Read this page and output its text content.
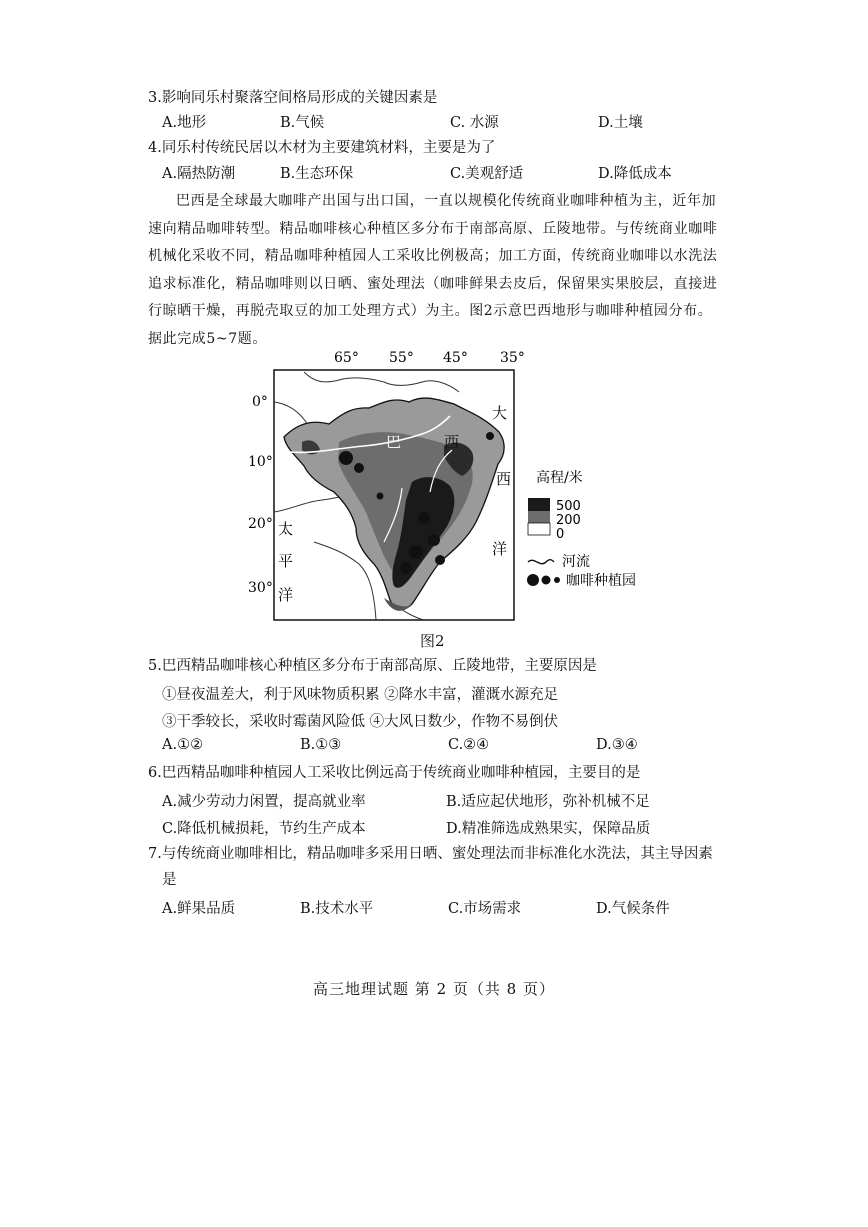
3.影响同乐村聚落空间格局形成的关键因素是
A.地形	B.气候	C. 水源	D.土壤
4.同乐村传统民居以木材为主要建筑材料，主要是为了
A.隔热防潮	B.生态环保	C.美观舒适	D.降低成本
巴西是全球最大咖啡产出国与出口国，一直以规模化传统商业咖啡种植为主，近年加
速向精品咖啡转型。精品咖啡核心种植区多分布于南部高原、丘陵地带。与传统商业咖啡
机械化采收不同，精品咖啡种植园人工采收比例极高；加工方面，传统商业咖啡以水洗法
追求标准化，精品咖啡则以日晒、蜜处理法（咖啡鲜果去皮后，保留果实果胶层，直接进
行晾晒干燥，再脱壳取豆的加工处理方式）为主。图2示意巴西地形与咖啡种植园分布。
据此完成5~7题。
65° 55° 45° 35°
0°
10°
20°
30°
巴	西
大
西
洋
太
平
洋
高程/米
500
200
0
河流
咖啡种植园
图2
5.巴西精品咖啡核心种植区多分布于南部高原、丘陵地带，主要原因是
①昼夜温差大，利于风味物质积累 ②降水丰富，灌溉水源充足
③干季较长，采收时霉菌风险低 ④大风日数少，作物不易倒伏
A.①②	B.①③	C.②④	D.③④
6.巴西精品咖啡种植园人工采收比例远高于传统商业咖啡种植园，主要目的是
A.减少劳动力闲置，提高就业率	B.适应起伏地形，弥补机械不足
C.降低机械损耗，节约生产成本	D.精准筛选成熟果实，保障品质
7.与传统商业咖啡相比，精品咖啡多采用日晒、蜜处理法而非标准化水洗法，其主导因素
是
A.鲜果品质	B.技术水平	C.市场需求	D.气候条件
高三地理试题 第 2 页（共 8 页）
